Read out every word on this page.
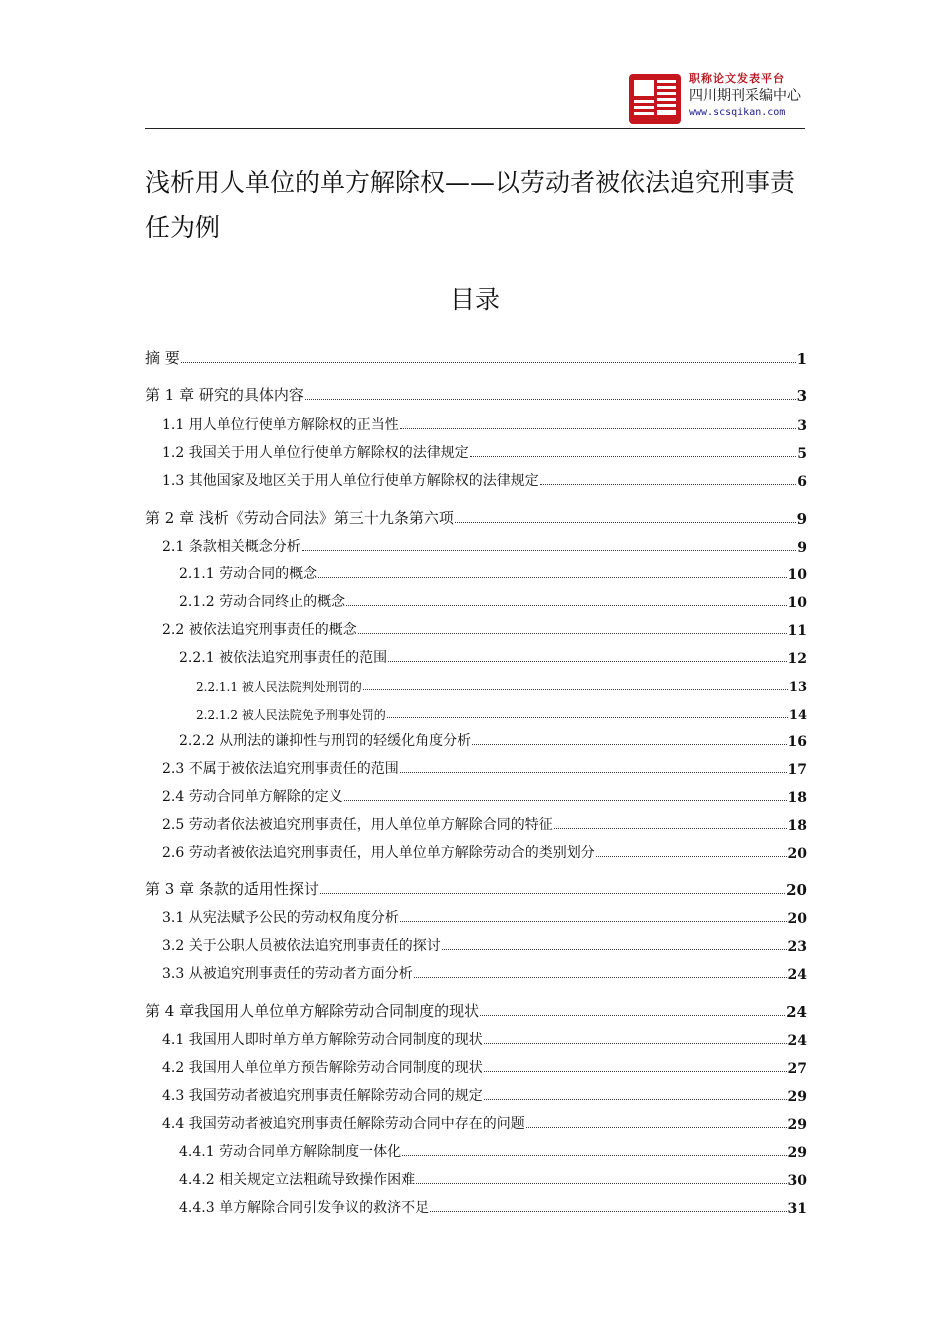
职称论文发表平台
四川期刊采编中心
www.scsqikan.com
浅析用人单位的单方解除权——以劳动者被依法追究刑事责任为例
目录
摘 要	1
第 1 章 研究的具体内容	3
1.1 用人单位行使单方解除权的正当性	3
1.2 我国关于用人单位行使单方解除权的法律规定	5
1.3 其他国家及地区关于用人单位行使单方解除权的法律规定	6
第 2 章 浅析《劳动合同法》第三十九条第六项	9
2.1 条款相关概念分析	9
2.1.1 劳动合同的概念	10
2.1.2 劳动合同终止的概念	10
2.2 被依法追究刑事责任的概念	11
2.2.1 被依法追究刑事责任的范围	12
2.2.1.1 被人民法院判处刑罚的	13
2.2.1.2 被人民法院免予刑事处罚的	14
2.2.2 从刑法的谦抑性与刑罚的轻缓化角度分析	16
2.3 不属于被依法追究刑事责任的范围	17
2.4 劳动合同单方解除的定义	18
2.5 劳动者依法被追究刑事责任，用人单位单方解除合同的特征	18
2.6 劳动者被依法追究刑事责任，用人单位单方解除劳动合的类别划分	20
第 3 章 条款的适用性探讨	20
3.1 从宪法赋予公民的劳动权角度分析	20
3.2 关于公职人员被依法追究刑事责任的探讨	23
3.3 从被追究刑事责任的劳动者方面分析	24
第 4 章我国用人单位单方解除劳动合同制度的现状	24
4.1 我国用人即时单方单方解除劳动合同制度的现状	24
4.2 我国用人单位单方预告解除劳动合同制度的现状	27
4.3 我国劳动者被追究刑事责任解除劳动合同的规定	29
4.4 我国劳动者被追究刑事责任解除劳动合同中存在的问题	29
4.4.1 劳动合同单方解除制度一体化	29
4.4.2 相关规定立法粗疏导致操作困难	30
4.4.3 单方解除合同引发争议的救济不足	31
